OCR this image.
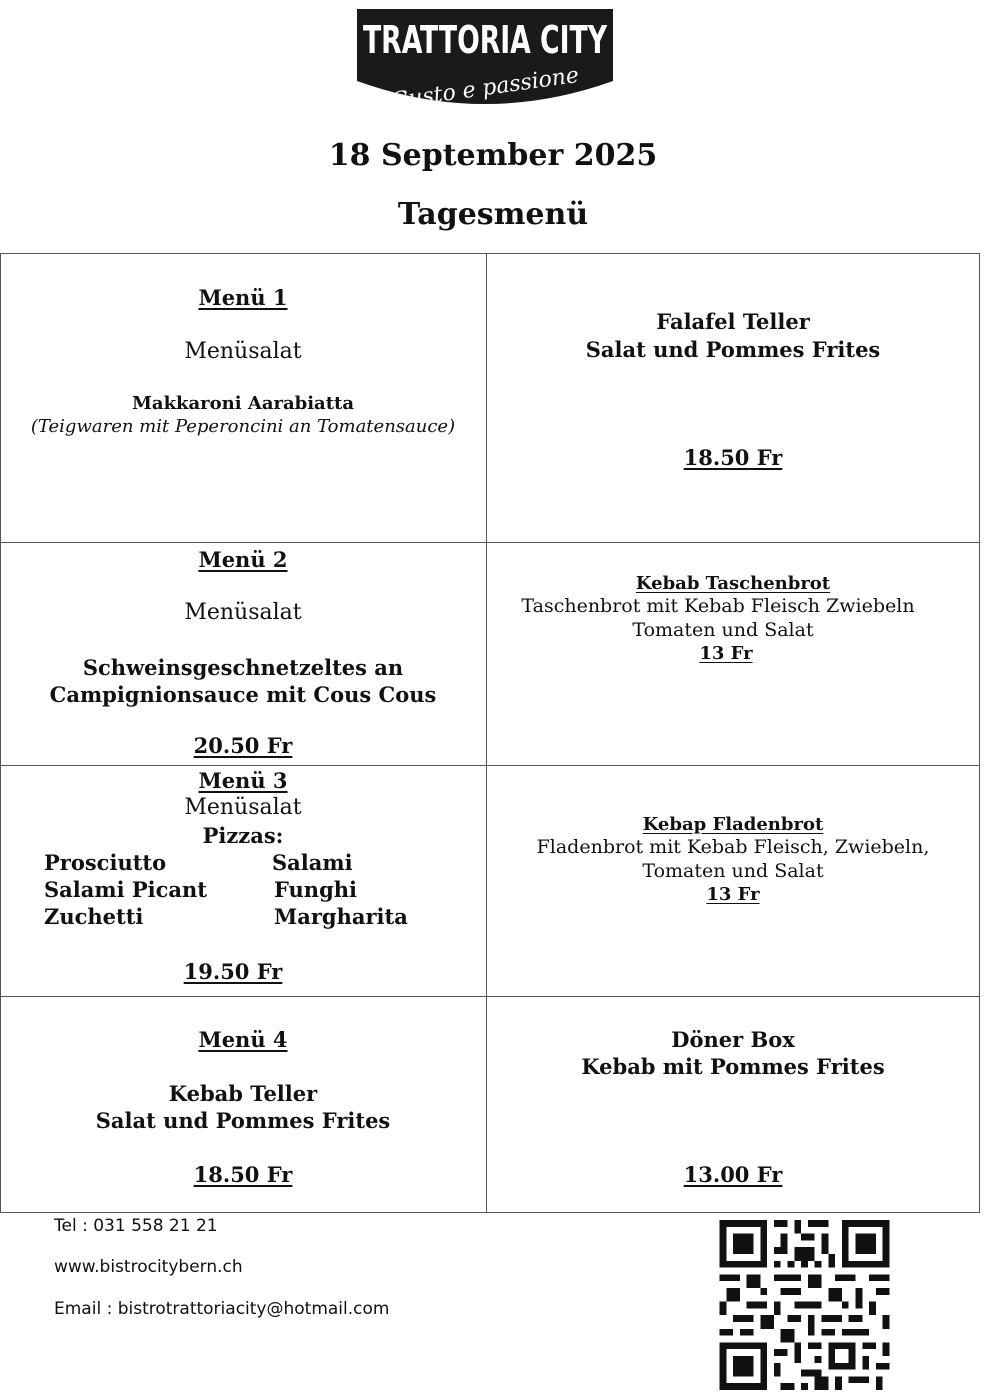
TRATTORIA CITY
Gusto e passione
18 September 2025
Tagesmenü
Menü 1
Menüsalat
Makkaroni Aarabiatta
(Teigwaren mit Peperoncini an Tomatensauce)
Falafel Teller
Salat und Pommes Frites
18.50 Fr
Menü 2
Menüsalat
Schweinsgeschnetzeltes an
Campignionsauce mit Cous Cous
20.50 Fr
Kebab Taschenbrot
Taschenbrot mit Kebab Fleisch Zwiebeln
Tomaten und Salat
13 Fr
Menü 3
Menüsalat
Pizzas:
Prosciutto
Salami Picant
Zuchetti
Salami
Funghi
Margharita
19.50 Fr
Kebap Fladenbrot
Fladenbrot mit Kebab Fleisch, Zwiebeln,
Tomaten und Salat
13 Fr
Menü 4
Kebab Teller
Salat und Pommes Frites
18.50 Fr
Döner Box
Kebab mit Pommes Frites
13.00 Fr
Tel : 031 558 21 21
www.bistrocitybern.ch
Email : bistrotrattoriacity@hotmail.com
